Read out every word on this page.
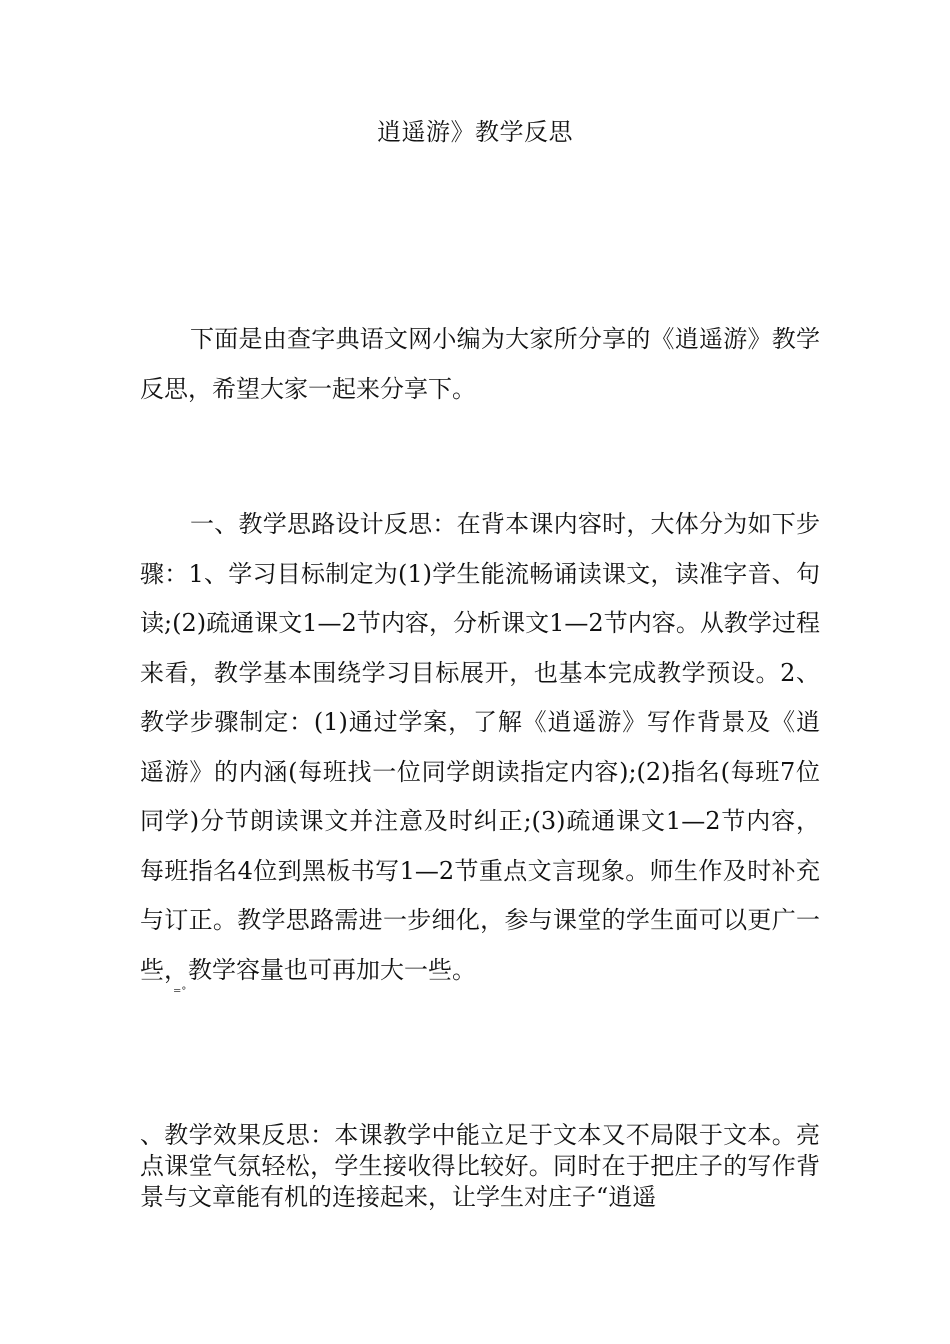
逍遥游》教学反思

下面是由查字典语文网小编为大家所分享的《逍遥游》教学反思，希望大家一起来分享下。

一、教学思路设计反思：在背本课内容时，大体分为如下步骤：1、学习目标制定为(1)学生能流畅诵读课文，读准字音、句读;(2)疏通课文1—2节内容，分析课文1—2节内容。从教学过程来看，教学基本围绕学习目标展开，也基本完成教学预设。2、教学步骤制定：(1)通过学案，了解《逍遥游》写作背景及《逍遥游》的内涵(每班找一位同学朗读指定内容);(2)指名(每班7位同学)分节朗读课文并注意及时纠正;(3)疏通课文1—2节内容，每班指名4位到黑板书写1—2节重点文言现象。师生作及时补充与订正。教学思路需进一步细化，参与课堂的学生面可以更广一些，教学容量也可再加大一些。

=°

、教学效果反思：本课教学中能立足于文本又不局限于文本。亮点课堂气氛轻松，学生接收得比较好。同时在于把庄子的写作背景与文章能有机的连接起来，让学生对庄子“逍遥
